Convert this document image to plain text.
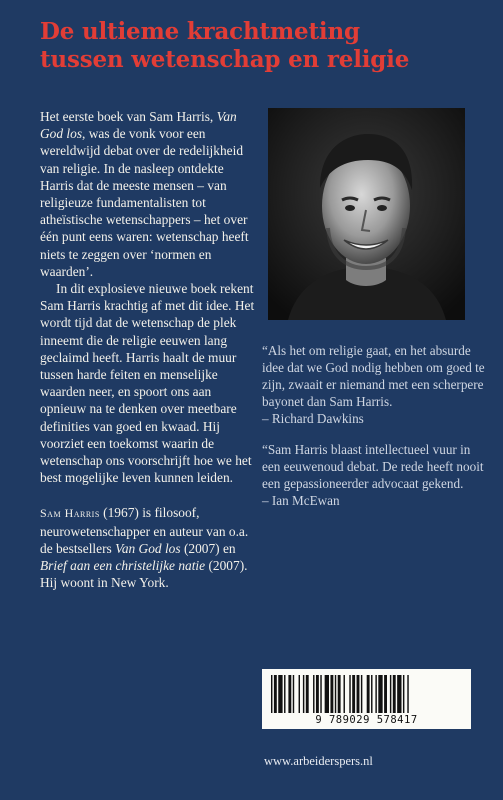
De ultieme krachtmeting
tussen wetenschap en religie

Het eerste boek van Sam Harris, Van God los, was de vonk voor een wereldwijd debat over de redelijkheid van religie. In de nasleep ontdekte Harris dat de meeste mensen – van religieuze fundamentalisten tot atheïstische wetenschappers – het over één punt eens waren: wetenschap heeft niets te zeggen over ‘normen en waarden’.

In dit explosieve nieuwe boek rekent Sam Harris krachtig af met dit idee. Het wordt tijd dat de wetenschap de plek inneemt die de religie eeuwen lang geclaimd heeft. Harris haalt de muur tussen harde feiten en menselijke waarden neer, en spoort ons aan opnieuw na te denken over meetbare definities van goed en kwaad. Hij voorziet een toekomst waarin de wetenschap ons voorschrijft hoe we het best mogelijke leven kunnen leiden.

Sam Harris (1967) is filosoof, neurowetenschapper en auteur van o.a. de bestsellers Van God los (2007) en Brief aan een christelijke natie (2007). Hij woont in New York.

“Als het om religie gaat, en het absurde idee dat we God nodig hebben om goed te zijn, zwaait er niemand met een scherpere bayonet dan Sam Harris.
– Richard Dawkins

“Sam Harris blaast intellectueel vuur in een eeuwenoud debat. De rede heeft nooit een gepassioneerder advocaat gekend.
– Ian McEwan

9 789029 578417
www.arbeiderspers.nl
